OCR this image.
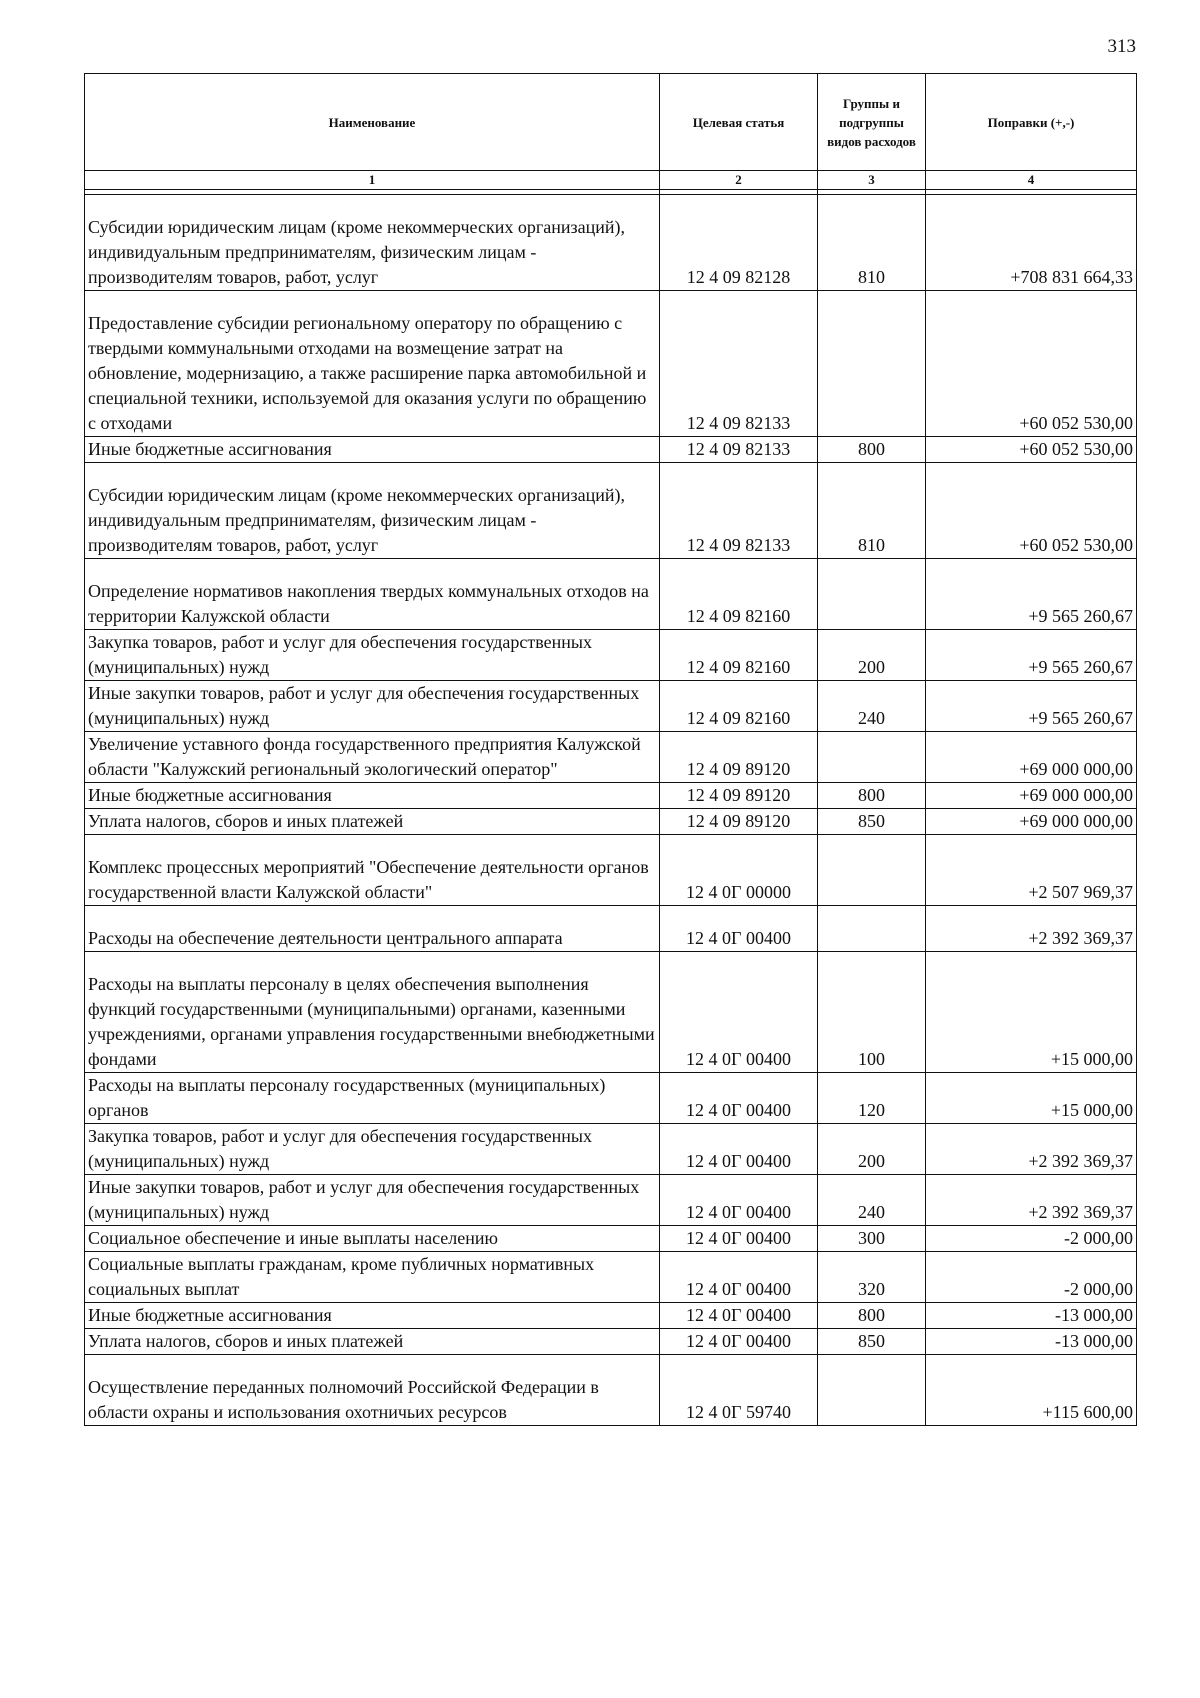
313
Наименование	Целевая статья	Группы и подгруппы видов расходов	Поправки (+,-)
1	2	3	4

Субсидии юридическим лицам (кроме некоммерческих организаций), индивидуальным предпринимателям, физическим лицам - производителям товаров, работ, услуг	12 4 09 82128	810	+708 831 664,33
Предоставление субсидии региональному оператору по обращению с твердыми коммунальными отходами на возмещение затрат на обновление, модернизацию, а также расширение парка автомобильной и специальной техники, используемой для оказания услуги по обращению с отходами	12 4 09 82133		+60 052 530,00
Иные бюджетные ассигнования	12 4 09 82133	800	+60 052 530,00
Субсидии юридическим лицам (кроме некоммерческих организаций), индивидуальным предпринимателям, физическим лицам - производителям товаров, работ, услуг	12 4 09 82133	810	+60 052 530,00
Определение нормативов накопления твердых коммунальных отходов на территории Калужской области	12 4 09 82160		+9 565 260,67
Закупка товаров, работ и услуг для обеспечения государственных (муниципальных) нужд	12 4 09 82160	200	+9 565 260,67
Иные закупки товаров, работ и услуг для обеспечения государственных (муниципальных) нужд	12 4 09 82160	240	+9 565 260,67
Увеличение уставного фонда государственного предприятия Калужской области "Калужский региональный экологический оператор"	12 4 09 89120		+69 000 000,00
Иные бюджетные ассигнования	12 4 09 89120	800	+69 000 000,00
Уплата налогов, сборов и иных платежей	12 4 09 89120	850	+69 000 000,00
Комплекс процессных мероприятий "Обеспечение деятельности органов государственной власти Калужской области"	12 4 0Г 00000		+2 507 969,37
Расходы на обеспечение деятельности центрального аппарата	12 4 0Г 00400		+2 392 369,37
Расходы на выплаты персоналу в целях обеспечения выполнения функций государственными (муниципальными) органами, казенными учреждениями, органами управления государственными внебюджетными фондами	12 4 0Г 00400	100	+15 000,00
Расходы на выплаты персоналу государственных (муниципальных) органов	12 4 0Г 00400	120	+15 000,00
Закупка товаров, работ и услуг для обеспечения государственных (муниципальных) нужд	12 4 0Г 00400	200	+2 392 369,37
Иные закупки товаров, работ и услуг для обеспечения государственных (муниципальных) нужд	12 4 0Г 00400	240	+2 392 369,37
Социальное обеспечение и иные выплаты населению	12 4 0Г 00400	300	-2 000,00
Социальные выплаты гражданам, кроме публичных нормативных социальных выплат	12 4 0Г 00400	320	-2 000,00
Иные бюджетные ассигнования	12 4 0Г 00400	800	-13 000,00
Уплата налогов, сборов и иных платежей	12 4 0Г 00400	850	-13 000,00
Осуществление переданных полномочий Российской Федерации в области охраны и использования охотничьих ресурсов	12 4 0Г 59740		+115 600,00
